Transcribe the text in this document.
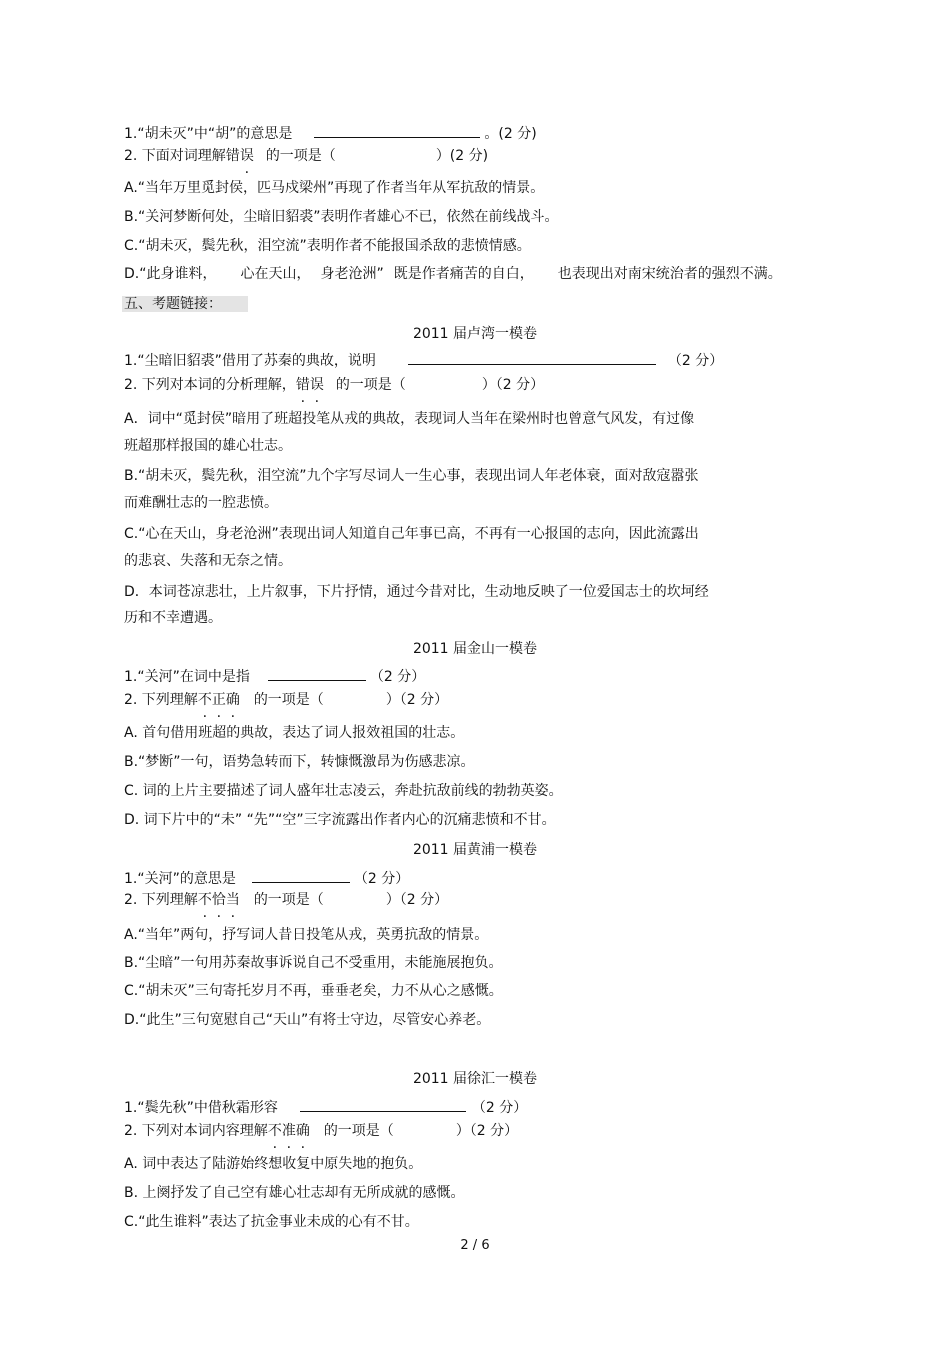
1.“胡未灭”中“胡”的意思是	。(2 分)
2. 下面对词理解错误 的一项是（	）(2 分)
A.“当年万里觅封侯，匹马戍梁州”再现了作者当年从军抗敌的情景。
B.“关河梦断何处，尘暗旧貂裘”表明作者雄心不已，依然在前线战斗。
C.“胡未灭，鬓先秋，泪空流”表明作者不能报国杀敌的悲愤情感。
D.“此身谁料， 心在天山， 身老沧洲” 既是作者痛苦的自白， 也表现出对南宋统治者的强烈不满。
五、考题链接：
2011 届卢湾一模卷
1.“尘暗旧貂裘”借用了苏秦的典故，说明	（2 分）
2. 下列对本词的分析理解，错误 的一项是（	）（2 分）
A．词中“觅封侯”暗用了班超投笔从戎的典故，表现词人当年在梁州时也曾意气风发，有过像
班超那样报国的雄心壮志。
B.“胡未灭，鬓先秋，泪空流”九个字写尽词人一生心事，表现出词人年老体衰，面对敌寇嚣张
而难酬壮志的一腔悲愤。
C.“心在天山，身老沧洲”表现出词人知道自己年事已高，不再有一心报国的志向，因此流露出
的悲哀、失落和无奈之情。
D．本词苍凉悲壮，上片叙事，下片抒情，通过今昔对比，生动地反映了一位爱国志士的坎坷经
历和不幸遭遇。
2011 届金山一模卷
1.“关河”在词中是指	（2 分）
2. 下列理解不正确 的一项是（	）（2 分）
A. 首句借用班超的典故，表达了词人报效祖国的壮志。
B.“梦断”一句，语势急转而下，转慷慨激昂为伤感悲凉。
C. 词的上片主要描述了词人盛年壮志凌云，奔赴抗敌前线的勃勃英姿。
D. 词下片中的“未” “先”“空”三字流露出作者内心的沉痛悲愤和不甘。
2011 届黄浦一模卷
1.“关河”的意思是	（2 分）
2. 下列理解不恰当 的一项是（	）（2 分）
A.“当年”两句，抒写词人昔日投笔从戎，英勇抗敌的情景。
B.“尘暗”一句用苏秦故事诉说自己不受重用，未能施展抱负。
C.“胡未灭”三句寄托岁月不再，垂垂老矣，力不从心之感慨。
D.“此生”三句宽慰自己“天山”有将士守边，尽管安心养老。
2011 届徐汇一模卷
1.“鬓先秋”中借秋霜形容	（2 分）
2. 下列对本词内容理解不准确 的一项是（	）（2 分）
A. 词中表达了陆游始终想收复中原失地的抱负。
B. 上阕抒发了自己空有雄心壮志却有无所成就的感慨。
C.“此生谁料”表达了抗金事业未成的心有不甘。
2 / 6
